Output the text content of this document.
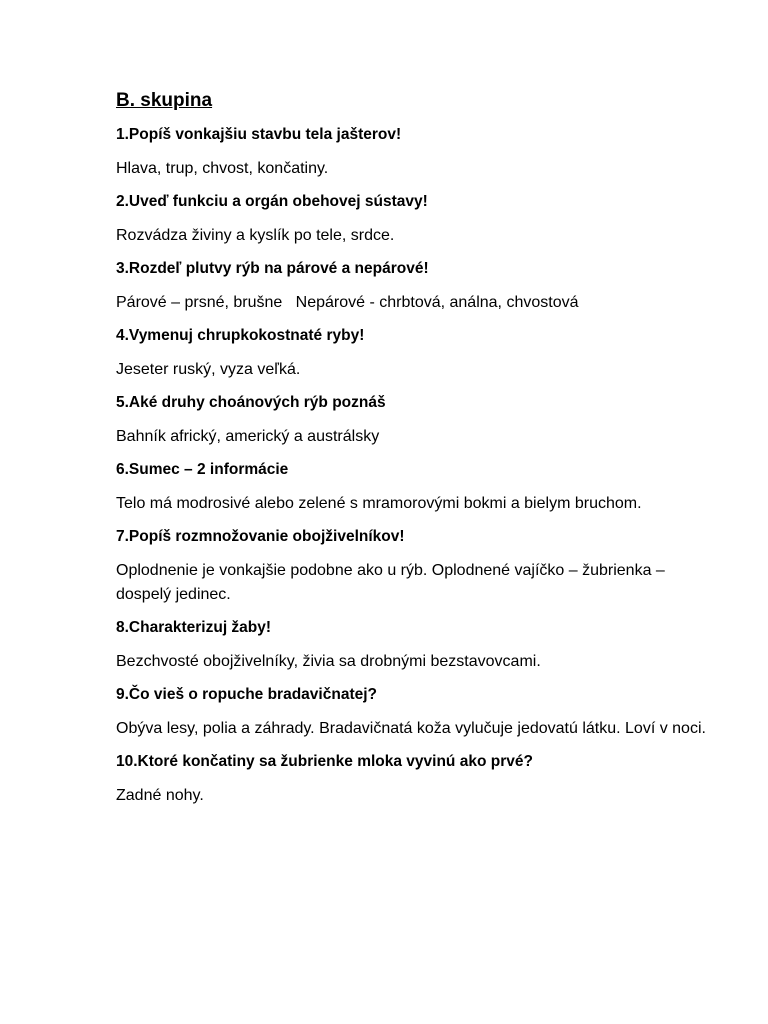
B. skupina

1.Popíš vonkajšiu stavbu tela jašterov!

Hlava, trup, chvost, končatiny.

2.Uveď funkciu a orgán obehovej sústavy!

Rozvádza živiny a kyslík po tele, srdce.

3.Rozdeľ plutvy rýb na párové a nepárové!

Párové – prsné, brušne   Nepárové - chrbtová, análna, chvostová

4.Vymenuj chrupkokostnaté ryby!

Jeseter ruský, vyza veľká.

5.Aké druhy choánových rýb poznáš

Bahník africký, americký a austrálsky

6.Sumec – 2 informácie

Telo má modrosivé alebo zelené s mramorovými bokmi a bielym bruchom.

7.Popíš rozmnožovanie obojživelníkov!

Oplodnenie je vonkajšie podobne ako u rýb. Oplodnené vajíčko – žubrienka – dospelý jedinec.

8.Charakterizuj žaby!

Bezchvosté obojživelníky, živia sa drobnými bezstavovcami.

9.Čo vieš o ropuche bradavičnatej?

Obýva lesy, polia a záhrady. Bradavičnatá koža vylučuje jedovatú látku. Loví v noci.

10.Ktoré končatiny sa žubrienke mloka vyvinú ako prvé?

Zadné nohy.
